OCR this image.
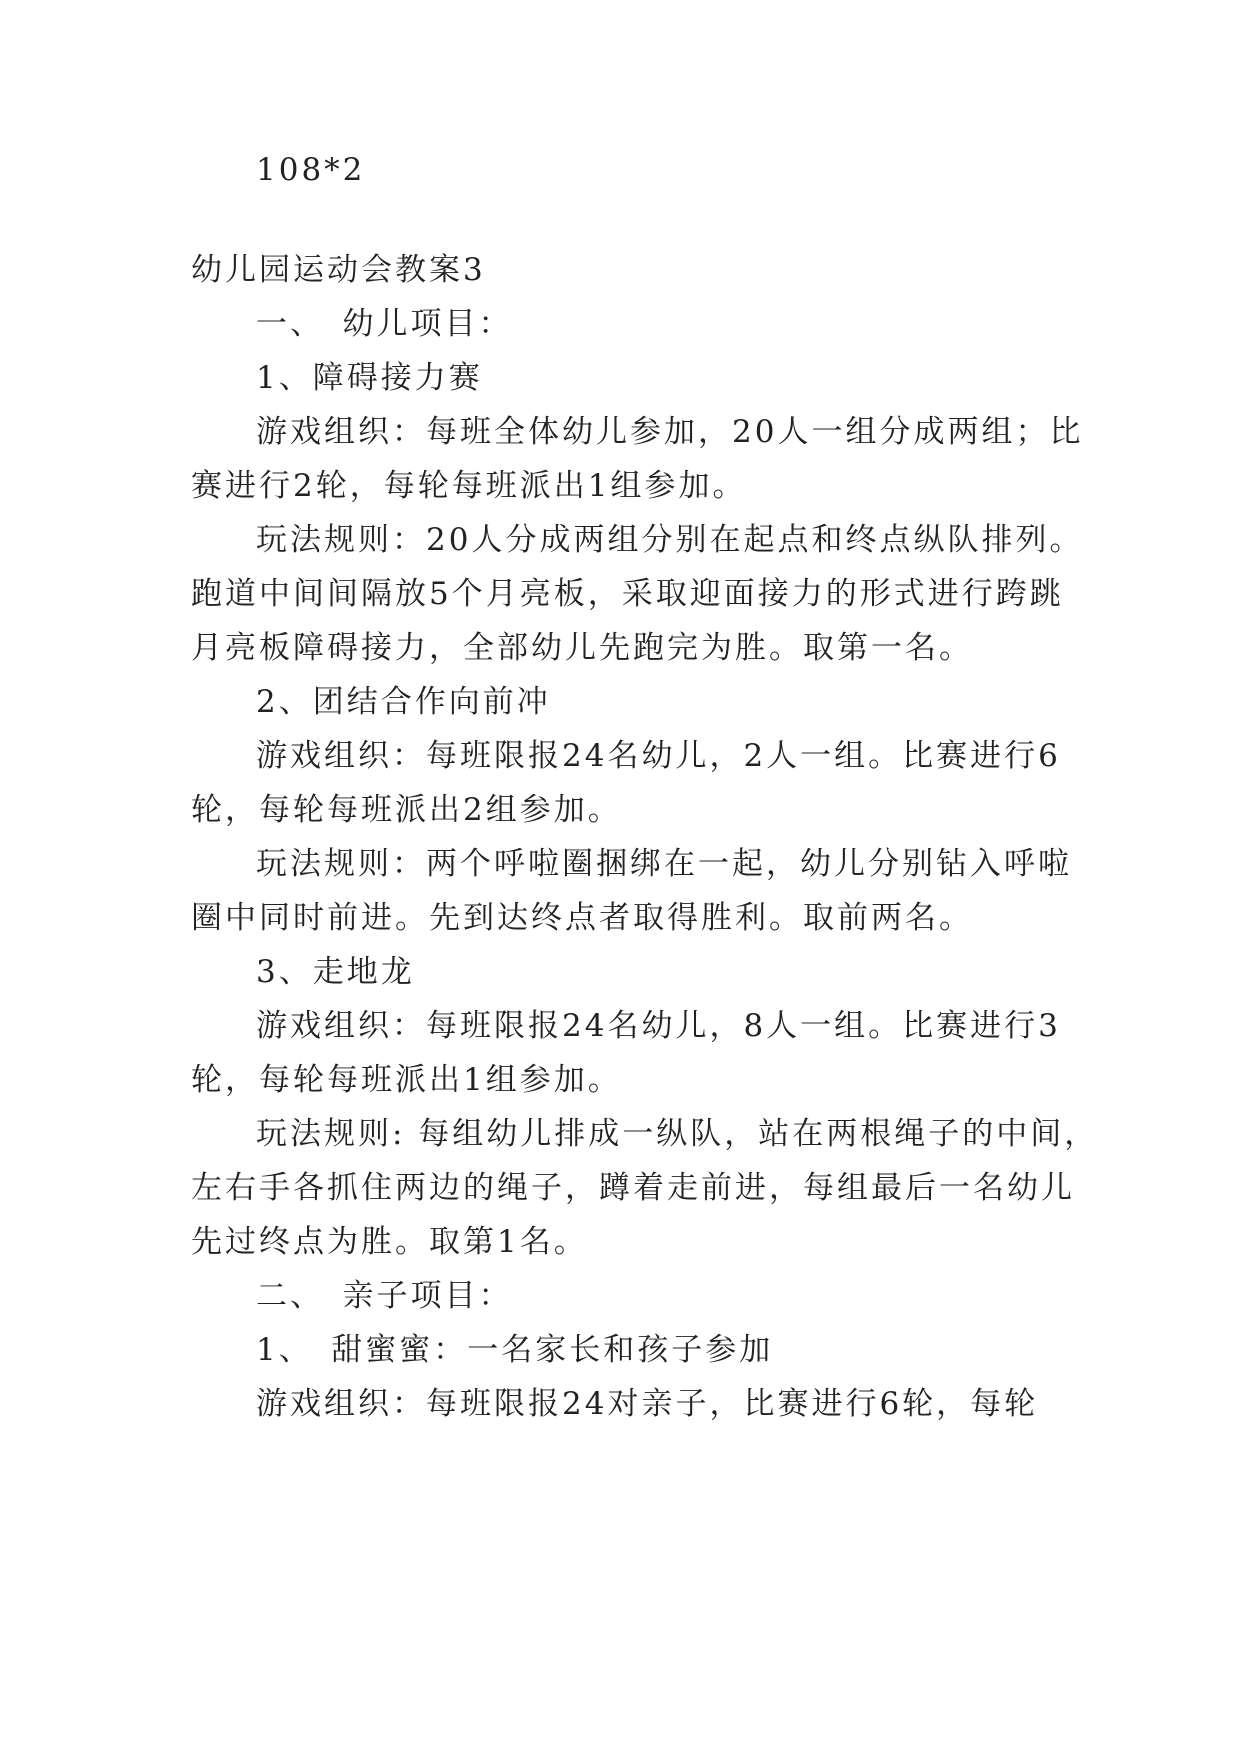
108*2
幼儿园运动会教案3
一、　幼儿项目：
1、障碍接力赛
游戏组织：每班全体幼儿参加，20人一组分成两组；比
赛进行2轮，每轮每班派出1组参加。
玩法规则：20人分成两组分别在起点和终点纵队排列。
跑道中间间隔放5个月亮板，采取迎面接力的形式进行跨跳
月亮板障碍接力，全部幼儿先跑完为胜。取第一名。
2、团结合作向前冲
游戏组织：每班限报24名幼儿，2人一组。比赛进行6
轮，每轮每班派出2组参加。
玩法规则：两个呼啦圈捆绑在一起，幼儿分别钻入呼啦
圈中同时前进。先到达终点者取得胜利。取前两名。
3、走地龙
游戏组织：每班限报24名幼儿，8人一组。比赛进行3
轮，每轮每班派出1组参加。
玩法规则: 每组幼儿排成一纵队，站在两根绳子的中间，
左右手各抓住两边的绳子，蹲着走前进，每组最后一名幼儿
先过终点为胜。取第1名。
二、　亲子项目：
1、　甜蜜蜜：一名家长和孩子参加
游戏组织：每班限报24对亲子，比赛进行6轮，每轮
